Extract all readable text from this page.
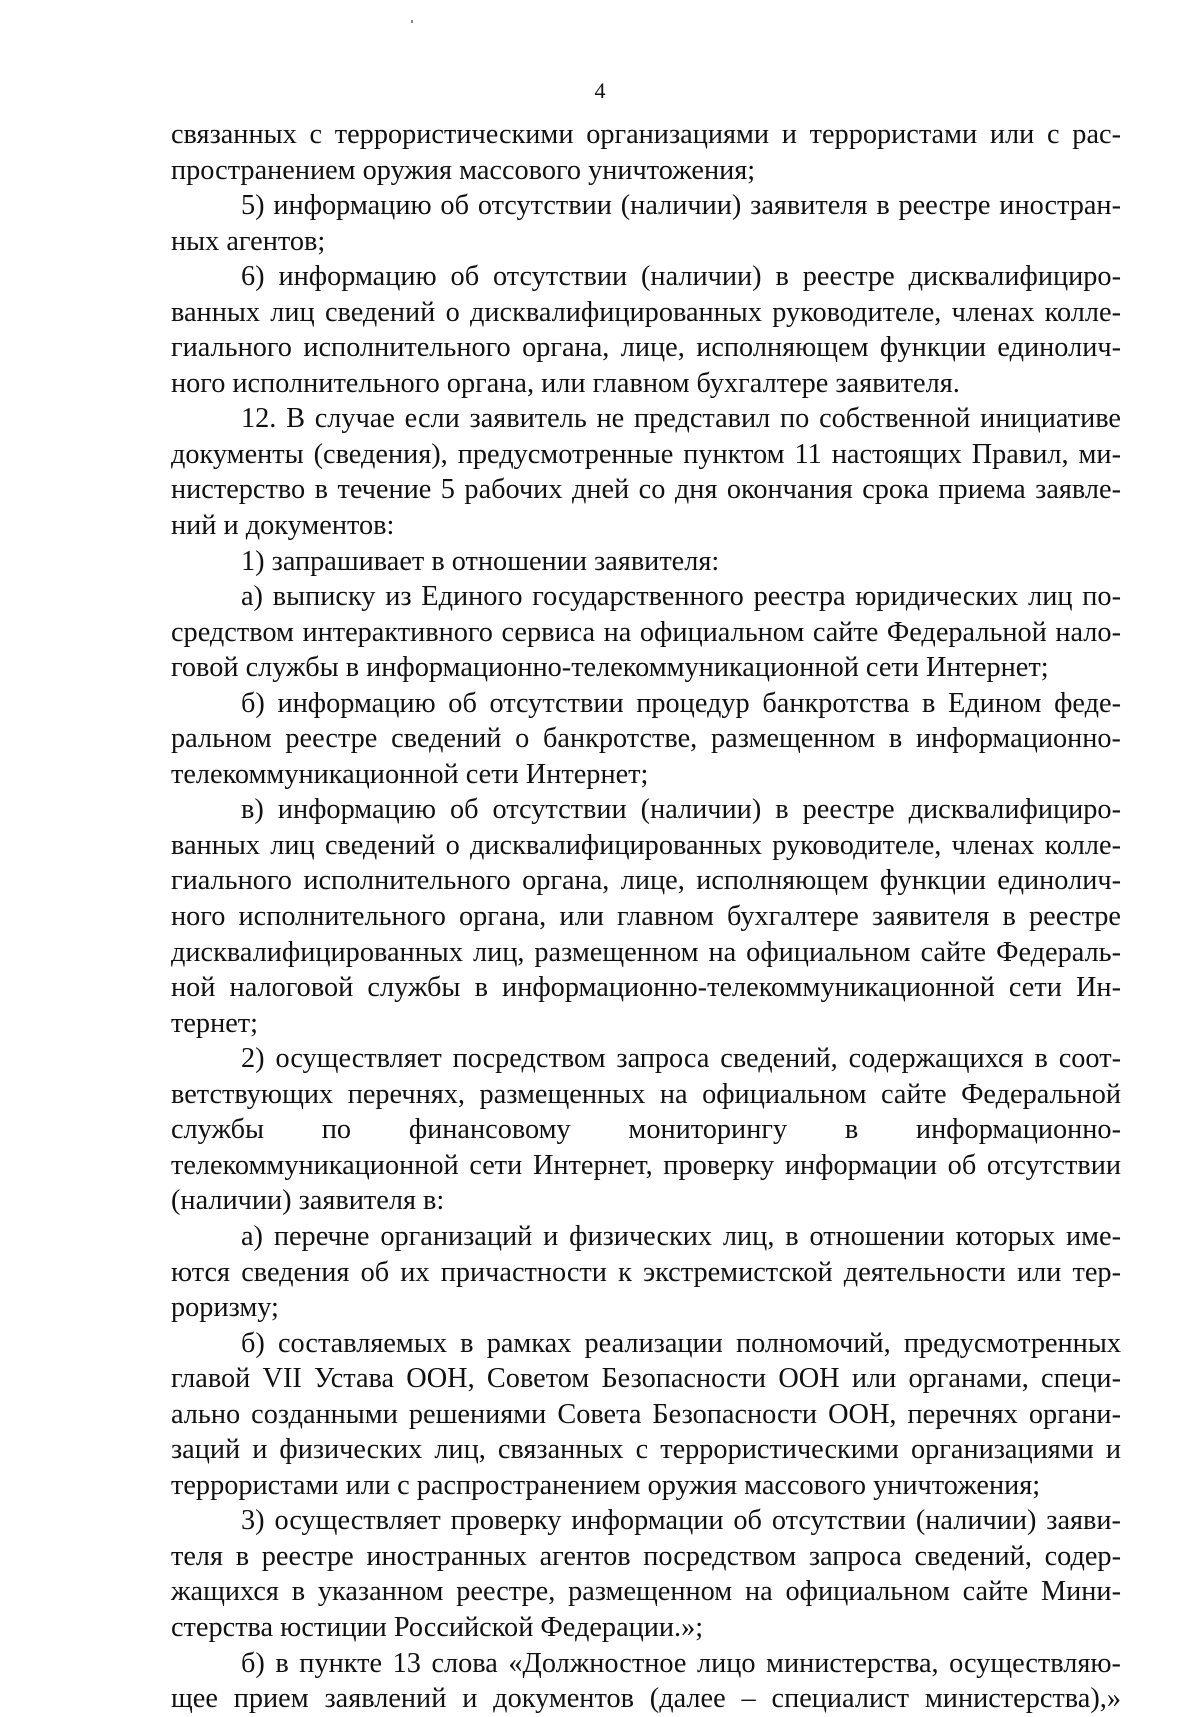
4
связанных с террористическими организациями и террористами или с рас-
пространением оружия массового уничтожения;
5) информацию об отсутствии (наличии) заявителя в реестре иностран-
ных агентов;
6) информацию об отсутствии (наличии) в реестре дисквалифициро-
ванных лиц сведений о дисквалифицированных руководителе, членах колле-
гиального исполнительного органа, лице, исполняющем функции единолич-
ного исполнительного органа, или главном бухгалтере заявителя.
12. В случае если заявитель не представил по собственной инициативе
документы (сведения), предусмотренные пунктом 11 настоящих Правил, ми-
нистерство в течение 5 рабочих дней со дня окончания срока приема заявле-
ний и документов:
1) запрашивает в отношении заявителя:
а) выписку из Единого государственного реестра юридических лиц по-
средством интерактивного сервиса на официальном сайте Федеральной нало-
говой службы в информационно-телекоммуникационной сети Интернет;
б) информацию об отсутствии процедур банкротства в Едином феде-
ральном реестре сведений о банкротстве, размещенном в информационно-
телекоммуникационной сети Интернет;
в) информацию об отсутствии (наличии) в реестре дисквалифициро-
ванных лиц сведений о дисквалифицированных руководителе, членах колле-
гиального исполнительного органа, лице, исполняющем функции единолич-
ного исполнительного органа, или главном бухгалтере заявителя в реестре
дисквалифицированных лиц, размещенном на официальном сайте Федераль-
ной налоговой службы в информационно-телекоммуникационной сети Ин-
тернет;
2) осуществляет посредством запроса сведений, содержащихся в соот-
ветствующих перечнях, размещенных на официальном сайте Федеральной
службы по финансовому мониторингу в информационно-
телекоммуникационной сети Интернет, проверку информации об отсутствии
(наличии) заявителя в:
а) перечне организаций и физических лиц, в отношении которых име-
ются сведения об их причастности к экстремистской деятельности или тер-
роризму;
б) составляемых в рамках реализации полномочий, предусмотренных
главой VII Устава ООН, Советом Безопасности ООН или органами, специ-
ально созданными решениями Совета Безопасности ООН, перечнях органи-
заций и физических лиц, связанных с террористическими организациями и
террористами или с распространением оружия массового уничтожения;
3) осуществляет проверку информации об отсутствии (наличии) заяви-
теля в реестре иностранных агентов посредством запроса сведений, содер-
жащихся в указанном реестре, размещенном на официальном сайте Мини-
стерства юстиции Российской Федерации.»;
б) в пункте 13 слова «Должностное лицо министерства, осуществляю-
щее прием заявлений и документов (далее – специалист министерства),»
